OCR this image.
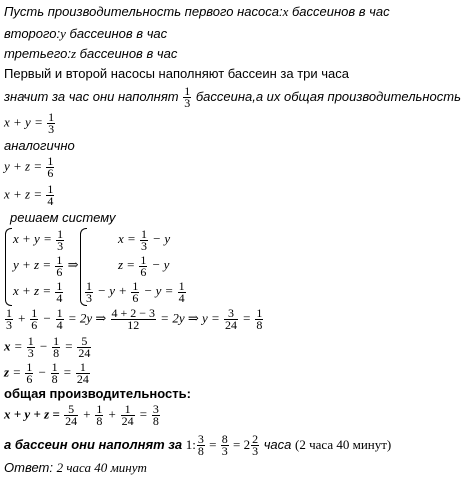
Пусть производительность первого насоса:x бассеинов в час
второго:y бассеинов в час
третьего:z бассеинов в час
Первый и второй насосы наполняют бассеин за три часа
значит за час они наполнят $\frac{1}{3}$ бассеина,а их общая производительность
$x + y = \frac{1}{3}$
аналогично
$y + z = \frac{1}{6}$
$x + z = \frac{1}{4}$
решаем систему
$x + y = \frac{1}{3}$
$y + z = \frac{1}{6}$ ⇒
$x + z = \frac{1}{4}$
$x = \frac{1}{3} - y$
$z = \frac{1}{6} - y$
$\frac{1}{3} - y + \frac{1}{6} - y = \frac{1}{4}$
$\frac{1}{3} + \frac{1}{6} - \frac{1}{4} = 2y$ ⇒ $\frac{4 + 2 - 3}{12} = 2y$ ⇒ $y = \frac{3}{24} = \frac{1}{8}$
$x = \frac{1}{3} - \frac{1}{8} = \frac{5}{24}$
$z = \frac{1}{6} - \frac{1}{8} = \frac{1}{24}$
общая производительность:
$x + y + z = \frac{5}{24} + \frac{1}{8} + \frac{1}{24} = \frac{3}{8}$
а бассеин они наполнят за 1: $\frac{3}{8} = \frac{8}{3} = 2 \frac{2}{3}$ часа (2 часа 40 минут)
Ответ: 2 часа 40 минут
